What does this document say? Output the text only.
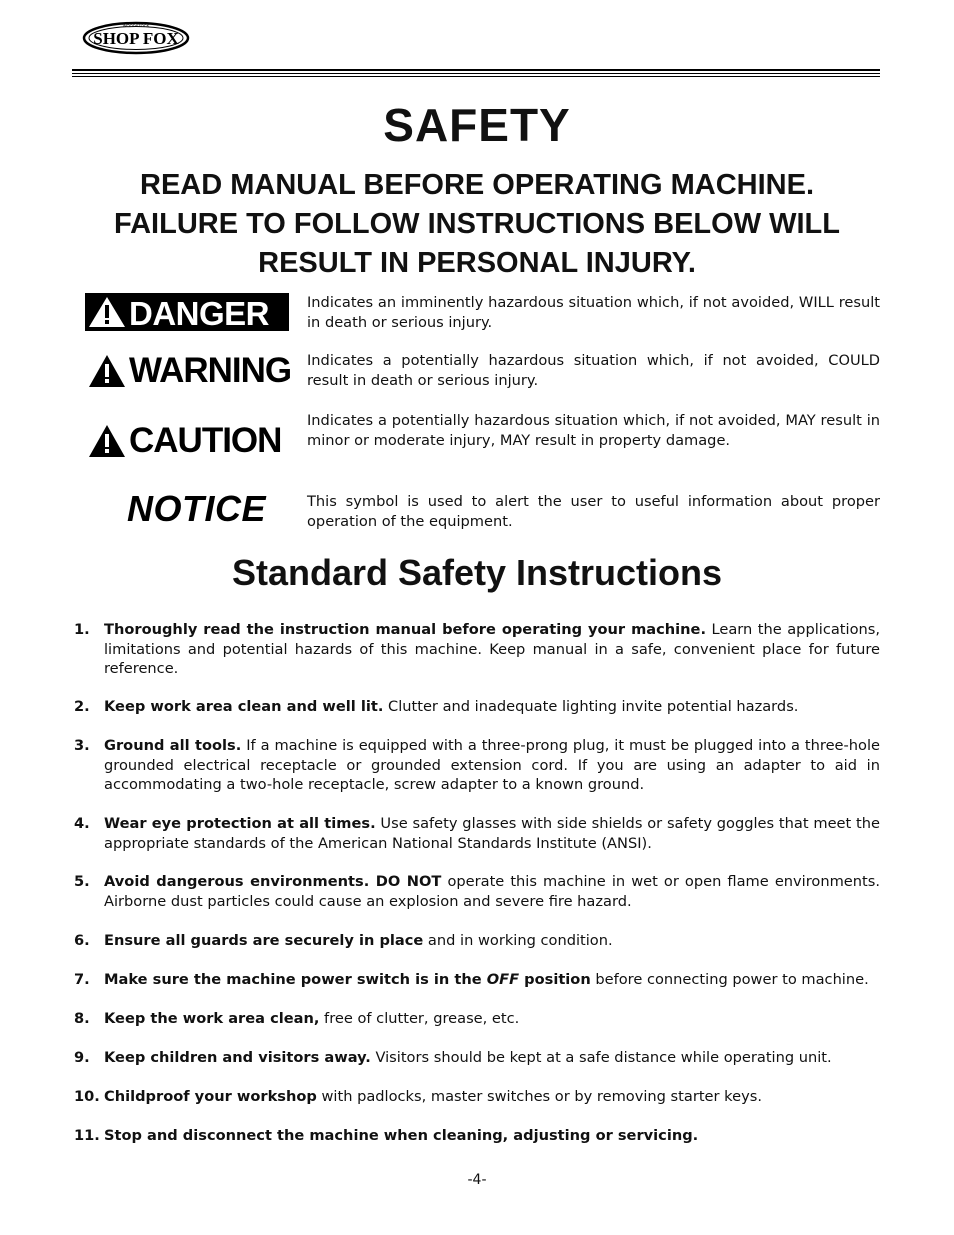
SHOP FOX
WOODSTOCK
SAFETY
READ MANUAL BEFORE OPERATING MACHINE.
FAILURE TO FOLLOW INSTRUCTIONS BELOW WILL
RESULT IN PERSONAL INJURY.
DANGER	Indicates an imminently hazardous situation which, if not avoided, WILL result in death or serious injury.
WARNING Indicates a potentially hazardous situation which, if not avoided, COULD result in death or serious injury.
CAUTION
Indicates a potentially hazardous situation which, if not avoided, MAY result in minor or moderate injury, MAY result in property damage.
NOTICE	This symbol is used to alert the user to useful information about proper operation of the equipment.
Standard Safety Instructions
1. Thoroughly read the instruction manual before operating your machine. Learn the applications, limitations and potential hazards of this machine. Keep manual in a safe, convenient place for future reference.
2. Keep work area clean and well lit. Clutter and inadequate lighting invite potential hazards.
3. Ground all tools. If a machine is equipped with a three-prong plug, it must be plugged into a three-hole grounded electrical receptacle or grounded extension cord. If you are using an adapter to aid in accommodating a two-hole receptacle, screw adapter to a known ground.
4. Wear eye protection at all times. Use safety glasses with side shields or safety goggles that meet the appropriate standards of the American National Standards Institute (ANSI).
5. Avoid dangerous environments. DO NOT operate this machine in wet or open flame environments. Airborne dust particles could cause an explosion and severe fire hazard.
6. Ensure all guards are securely in place and in working condition.
7. Make sure the machine power switch is in the OFF position before connecting power to machine.
8. Keep the work area clean, free of clutter, grease, etc.
9. Keep children and visitors away. Visitors should be kept at a safe distance while operating unit.
10. Childproof your workshop with padlocks, master switches or by removing starter keys.
11. Stop and disconnect the machine when cleaning, adjusting or servicing.
-4-
